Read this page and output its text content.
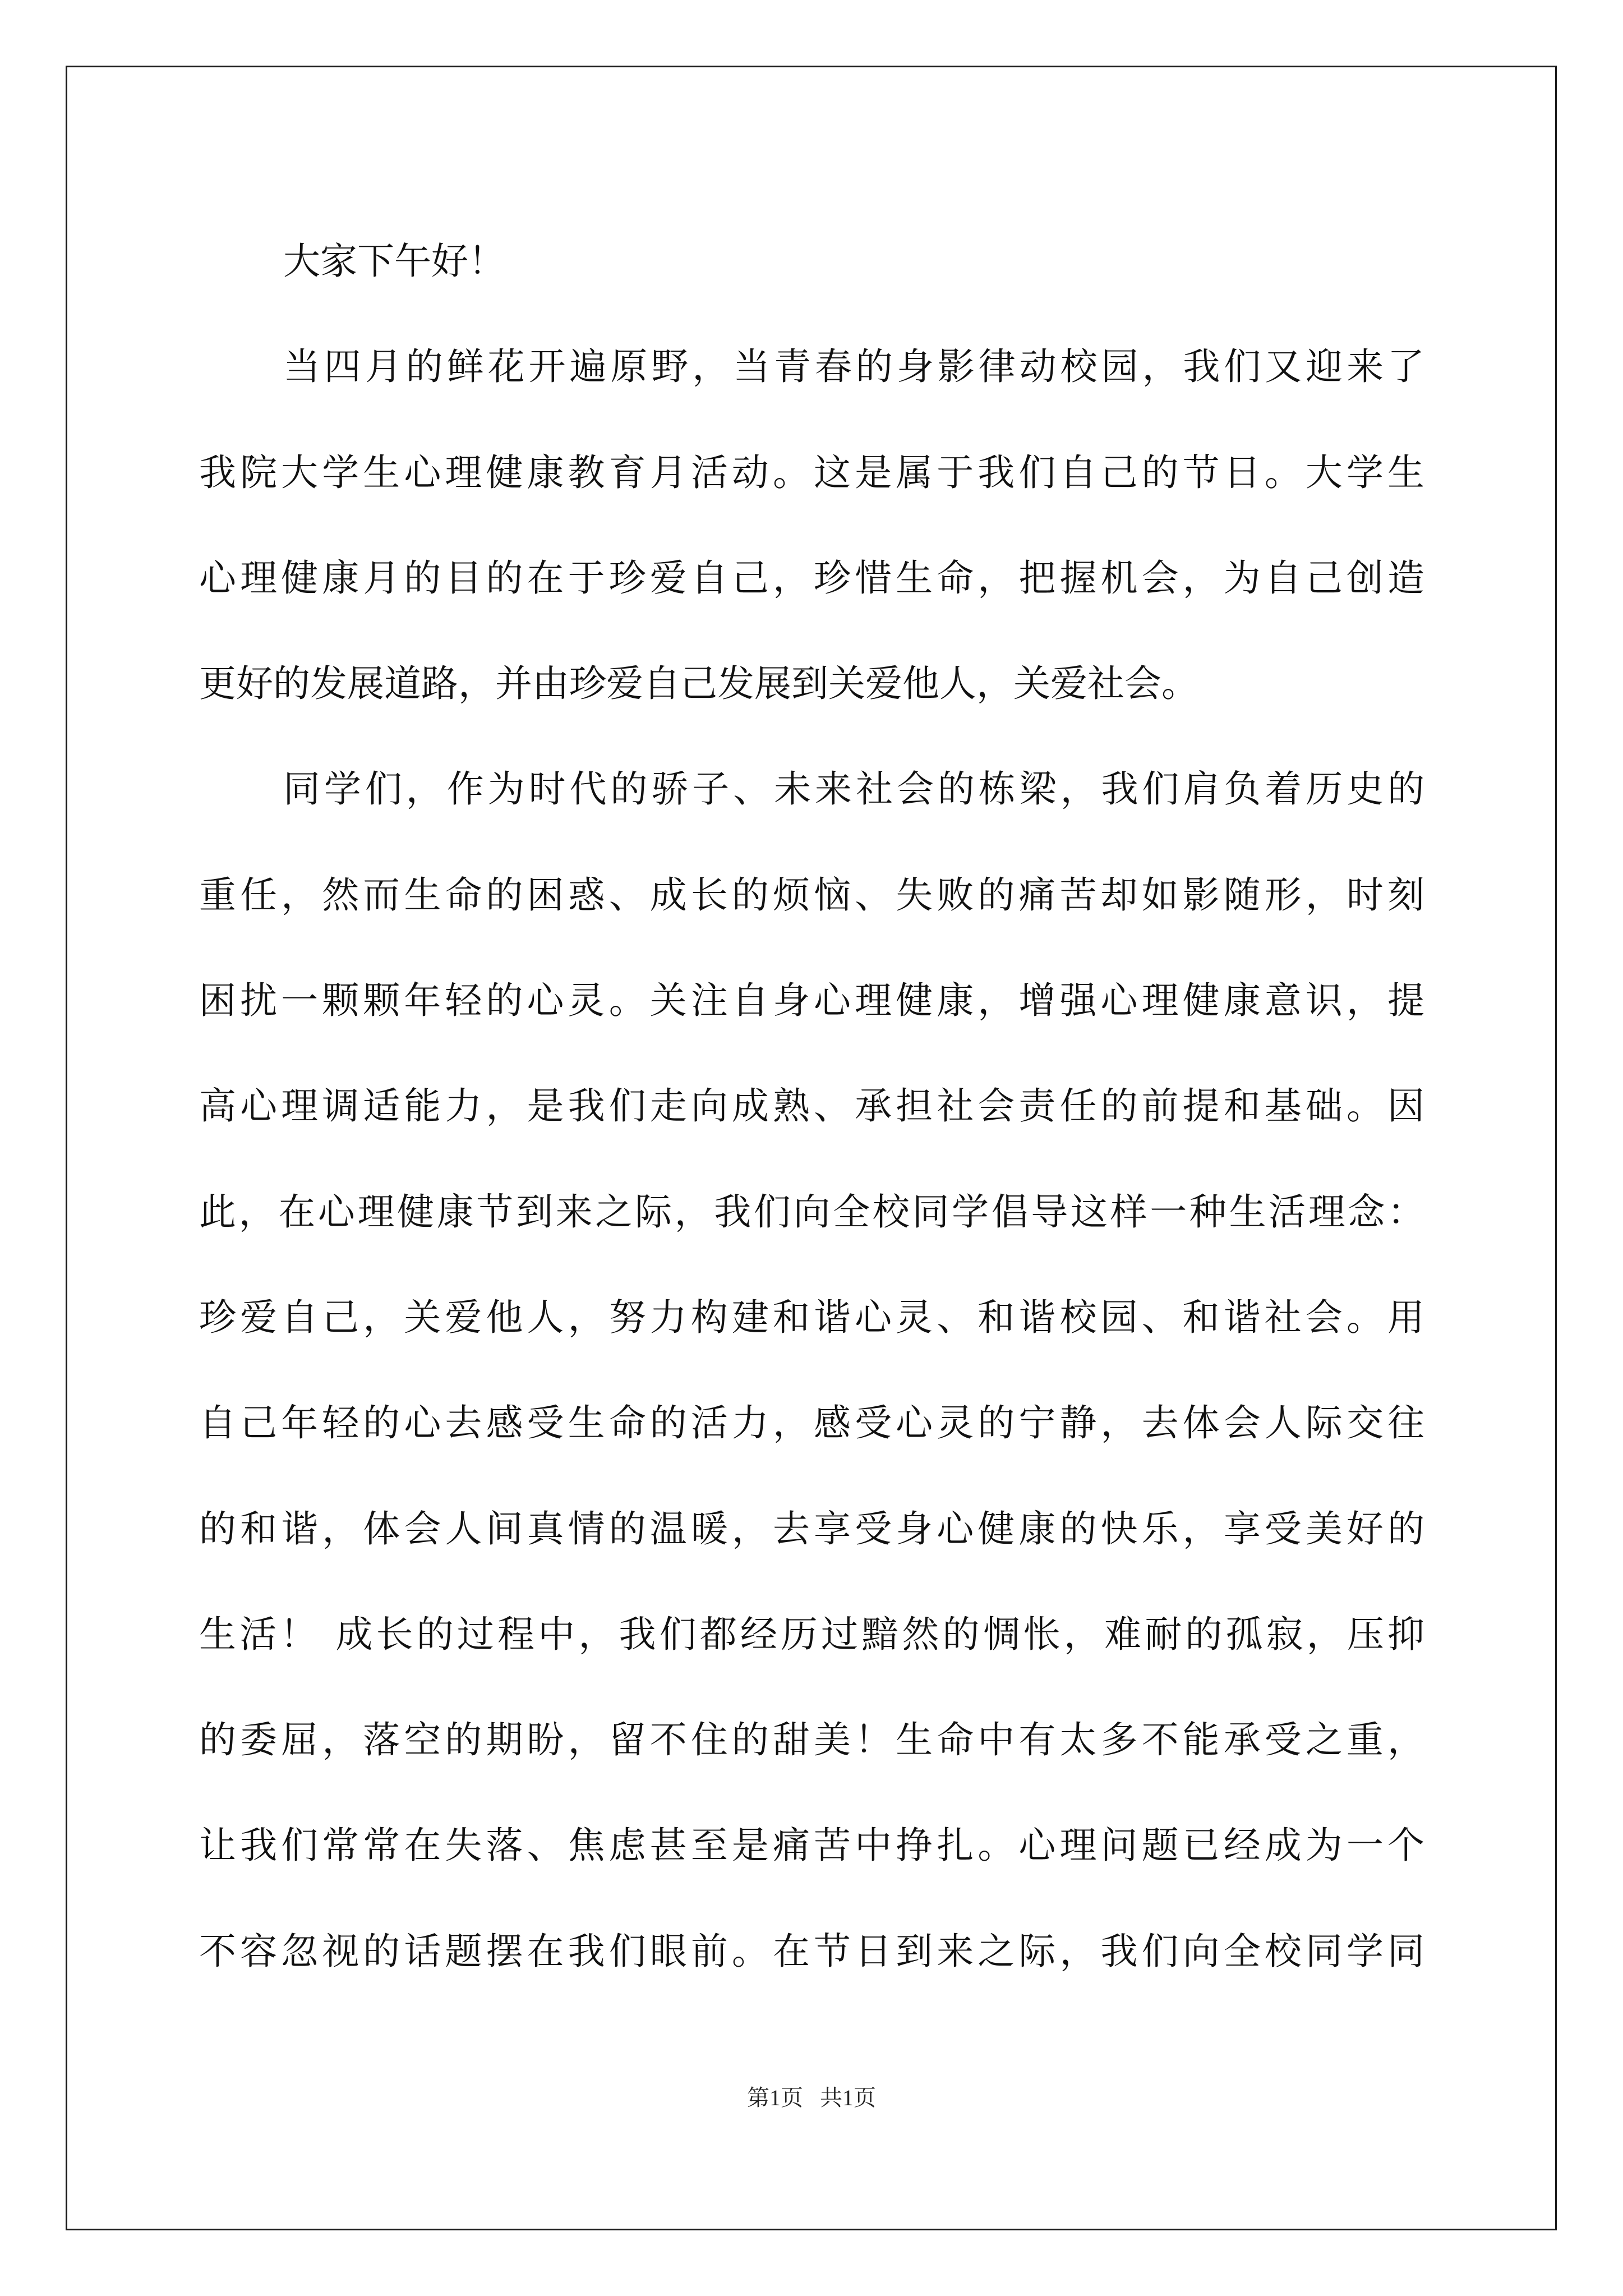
大家下午好！
当四月的鲜花开遍原野，当青春的身影律动校园，我们又迎来了
我院大学生心理健康教育月活动。这是属于我们自己的节日。大学生
心理健康月的目的在于珍爱自己，珍惜生命，把握机会，为自己创造
更好的发展道路，并由珍爱自己发展到关爱他人，关爱社会。
同学们，作为时代的骄子、未来社会的栋梁，我们肩负着历史的
重任，然而生命的困惑、成长的烦恼、失败的痛苦却如影随形，时刻
困扰一颗颗年轻的心灵。关注自身心理健康，增强心理健康意识，提
高心理调适能力，是我们走向成熟、承担社会责任的前提和基础。因
此，在心理健康节到来之际，我们向全校同学倡导这样一种生活理念：
珍爱自己，关爱他人，努力构建和谐心灵、和谐校园、和谐社会。用
自己年轻的心去感受生命的活力，感受心灵的宁静，去体会人际交往
的和谐，体会人间真情的温暖，去享受身心健康的快乐，享受美好的
生活！ 成长的过程中，我们都经历过黯然的惆怅，难耐的孤寂，压抑
的委屈，落空的期盼，留不住的甜美！生命中有太多不能承受之重，
让我们常常在失落、焦虑甚至是痛苦中挣扎。心理问题已经成为一个
不容忽视的话题摆在我们眼前。在节日到来之际，我们向全校同学同
第1页   共1页
